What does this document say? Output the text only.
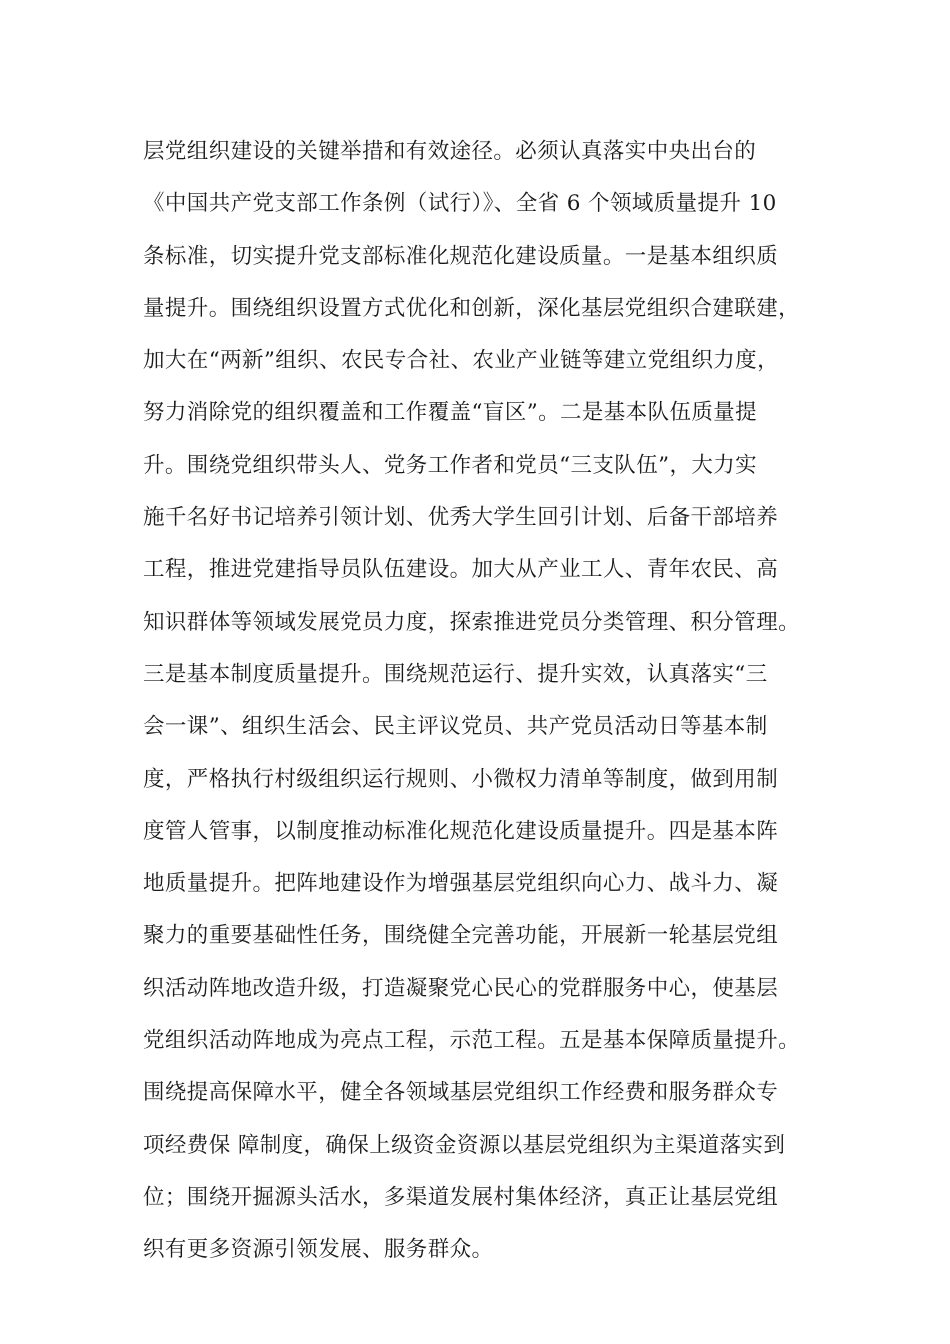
层党组织建设的关键举措和有效途径。必须认真落实中央出台的
《中国共产党支部工作条例（试行）》、全省 6 个领域质量提升 10
条标准，切实提升党支部标准化规范化建设质量。一是基本组织质
量提升。围绕组织设置方式优化和创新，深化基层党组织合建联建，
加大在“两新”组织、农民专合社、农业产业链等建立党组织力度，
努力消除党的组织覆盖和工作覆盖“盲区”。二是基本队伍质量提
升。围绕党组织带头人、党务工作者和党员“三支队伍”，大力实
施千名好书记培养引领计划、优秀大学生回引计划、后备干部培养
工程，推进党建指导员队伍建设。加大从产业工人、青年农民、高
知识群体等领域发展党员力度，探索推进党员分类管理、积分管理。
三是基本制度质量提升。围绕规范运行、提升实效，认真落实“三
会一课”、组织生活会、民主评议党员、共产党员活动日等基本制
度，严格执行村级组织运行规则、小微权力清单等制度，做到用制
度管人管事，以制度推动标准化规范化建设质量提升。四是基本阵
地质量提升。把阵地建设作为增强基层党组织向心力、战斗力、凝
聚力的重要基础性任务，围绕健全完善功能，开展新一轮基层党组
织活动阵地改造升级，打造凝聚党心民心的党群服务中心，使基层
党组织活动阵地成为亮点工程，示范工程。五是基本保障质量提升。
围绕提高保障水平，健全各领域基层党组织工作经费和服务群众专
项经费保 障制度，确保上级资金资源以基层党组织为主渠道落实到
位；围绕开掘源头活水，多渠道发展村集体经济，真正让基层党组
织有更多资源引领发展、服务群众。
